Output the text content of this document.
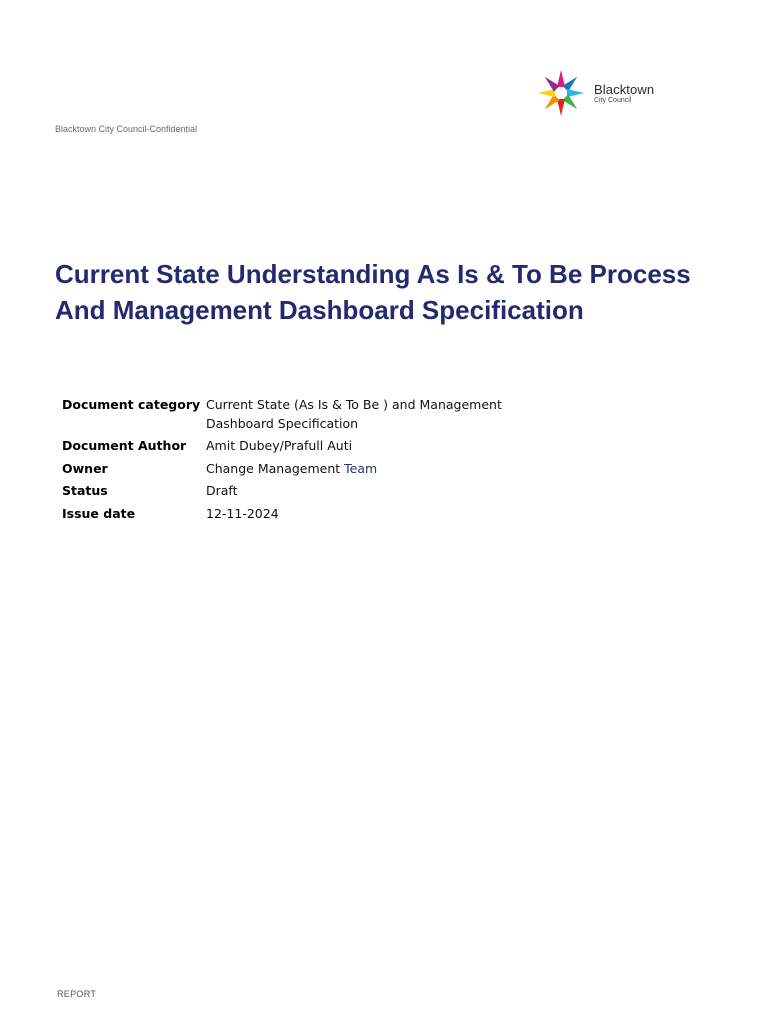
Blacktown
City Council
Blacktown City Council-Confidential
Current State Understanding As Is & To Be Process And Management Dashboard Specification
Document category	Current State (As Is & To Be ) and Management Dashboard Specification
Document Author	Amit Dubey/Prafull Auti
Owner	Change Management Team
Status	Draft
Issue date	12-11-2024
REPORT
